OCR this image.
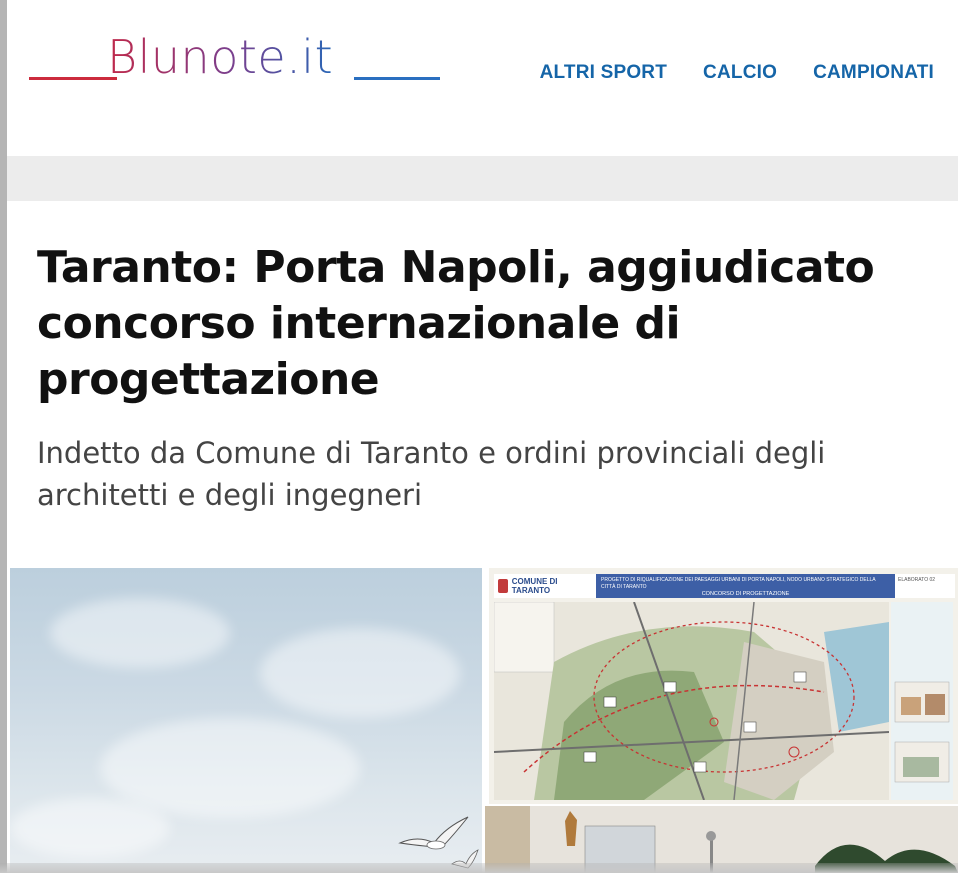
Blunote.it	ALTRI SPORT CALCIO CAMPIONATI
Taranto: Porta Napoli, aggiudicato concorso internazionale di progettazione

Indetto da Comune di Taranto e ordini provinciali degli architetti e degli ingegneri

COMUNE DI TARANTO
PROGETTO DI RIQUALIFICAZIONE DEI PAESAGGI URBANI DI PORTA NAPOLI, NODO URBANO STRATEGICO DELLA CITTÀ DI TARANTO
CONCORSO DI PROGETTAZIONE
ELABORATO 02
